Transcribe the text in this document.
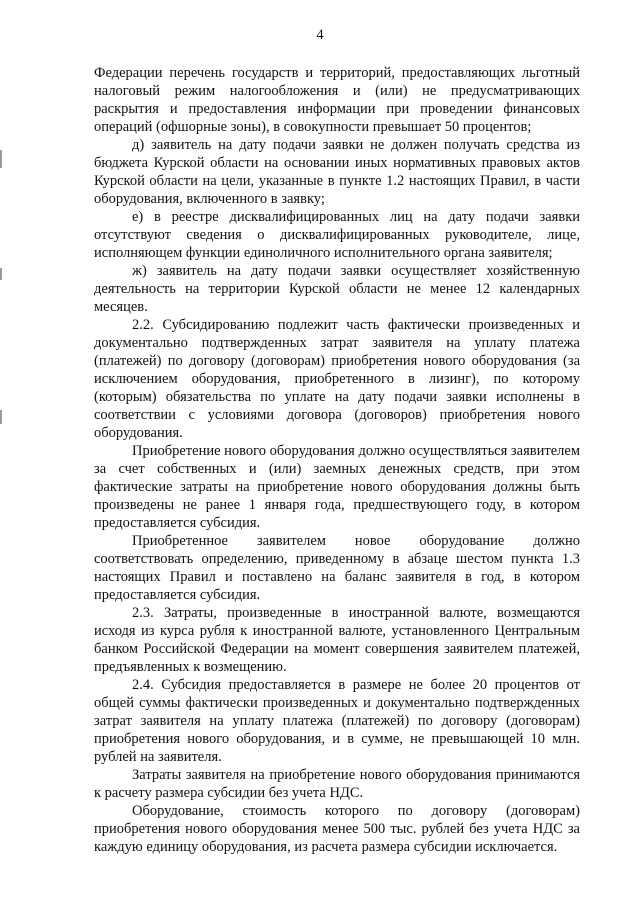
4

Федерации перечень государств и территорий, предоставляющих льготный налоговый режим налогообложения и (или) не предусматривающих раскрытия и предоставления информации при проведении финансовых операций (офшорные зоны), в совокупности превышает 50 процентов;

д) заявитель на дату подачи заявки не должен получать средства из бюджета Курской области на основании иных нормативных правовых актов Курской области на цели, указанные в пункте 1.2 настоящих Правил, в части оборудования, включенного в заявку;

е) в реестре дисквалифицированных лиц на дату подачи заявки отсутствуют сведения о дисквалифицированных руководителе, лице, исполняющем функции единоличного исполнительного органа заявителя;

ж) заявитель на дату подачи заявки осуществляет хозяйственную деятельность на территории Курской области не менее 12 календарных месяцев.

2.2. Субсидированию подлежит часть фактически произведенных и документально подтвержденных затрат заявителя на уплату платежа (платежей) по договору (договорам) приобретения нового оборудования (за исключением оборудования, приобретенного в лизинг), по которому (которым) обязательства по уплате на дату подачи заявки исполнены в соответствии с условиями договора (договоров) приобретения нового оборудования.

Приобретение нового оборудования должно осуществляться заявителем за счет собственных и (или) заемных денежных средств, при этом фактические затраты на приобретение нового оборудования должны быть произведены не ранее 1 января года, предшествующего году, в котором предоставляется субсидия.

Приобретенное заявителем новое оборудование должно соответствовать определению, приведенному в абзаце шестом пункта 1.3 настоящих Правил и поставлено на баланс заявителя в год, в котором предоставляется субсидия.

2.3. Затраты, произведенные в иностранной валюте, возмещаются исходя из курса рубля к иностранной валюте, установленного Центральным банком Российской Федерации на момент совершения заявителем платежей, предъявленных к возмещению.

2.4. Субсидия предоставляется в размере не более 20 процентов от общей суммы фактически произведенных и документально подтвержденных затрат заявителя на уплату платежа (платежей) по договору (договорам) приобретения нового оборудования, и в сумме, не превышающей 10 млн. рублей на заявителя.

Затраты заявителя на приобретение нового оборудования принимаются к расчету размера субсидии без учета НДС.

Оборудование, стоимость которого по договору (договорам) приобретения нового оборудования менее 500 тыс. рублей без учета НДС за каждую единицу оборудования, из расчета размера субсидии исключается.
